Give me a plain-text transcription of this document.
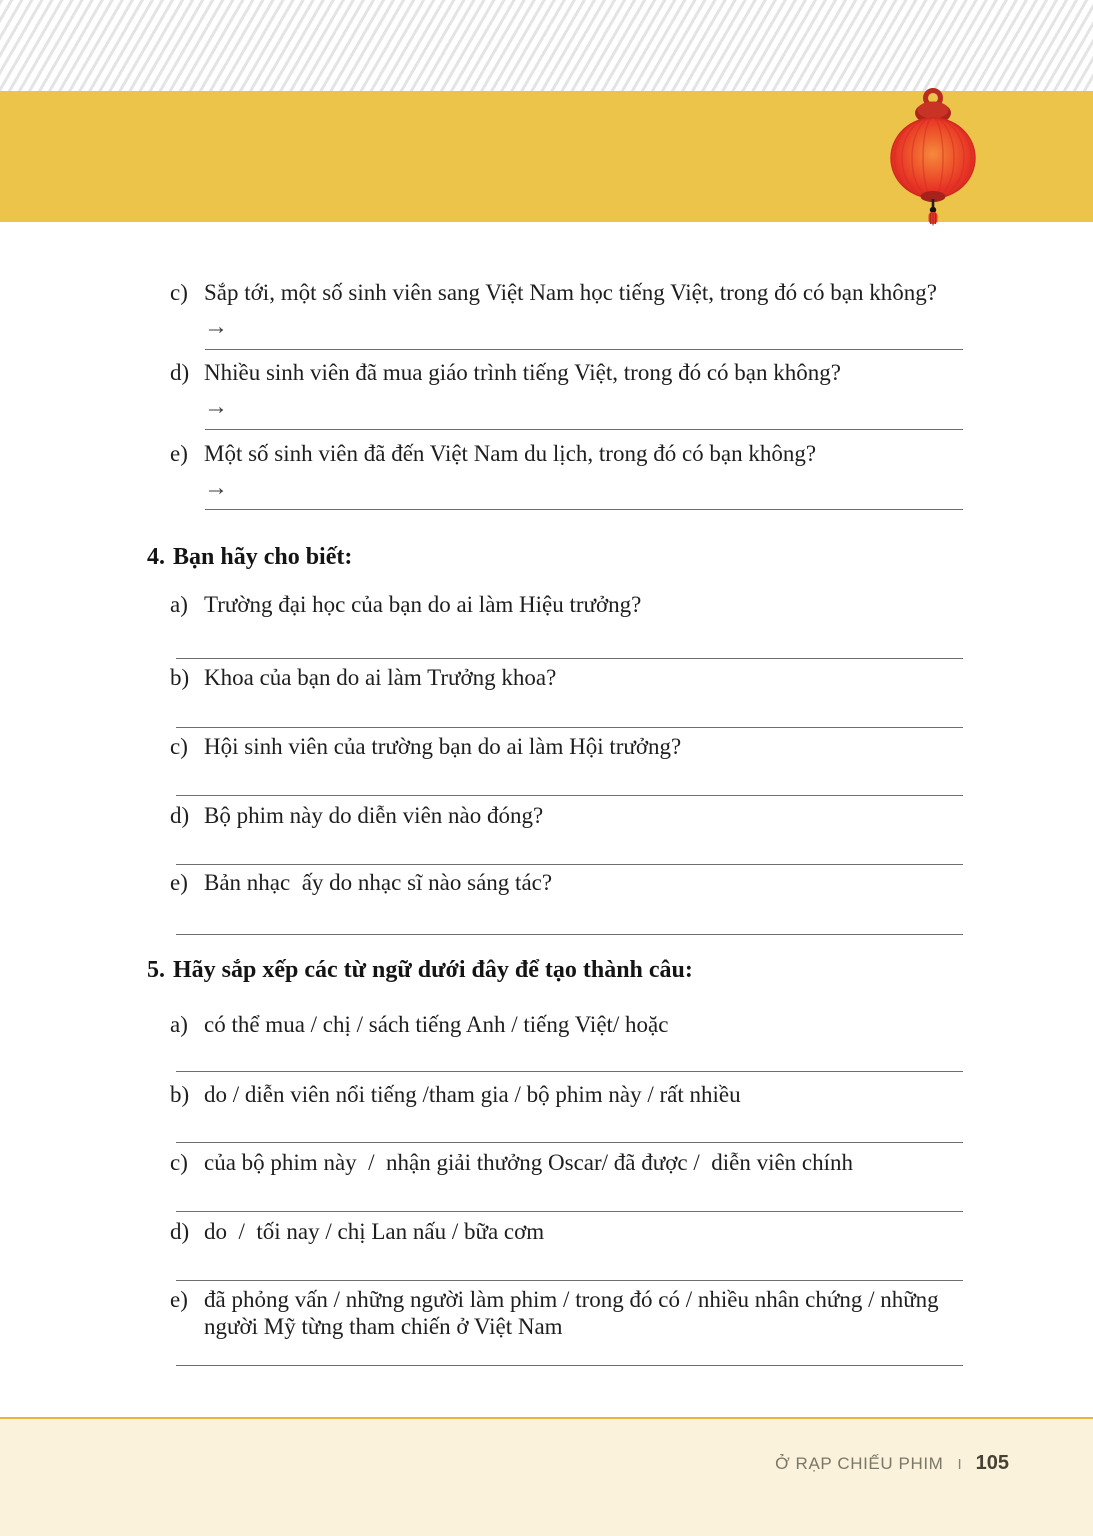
c) Sắp tới, một số sinh viên sang Việt Nam học tiếng Việt, trong đó có bạn không?
→
d) Nhiều sinh viên đã mua giáo trình tiếng Việt, trong đó có bạn không?
→
e) Một số sinh viên đã đến Việt Nam du lịch, trong đó có bạn không?
→
4. Bạn hãy cho biết:
a) Trường đại học của bạn do ai làm Hiệu trưởng?
b) Khoa của bạn do ai làm Trưởng khoa?
c) Hội sinh viên của trường bạn do ai làm Hội trưởng?
d) Bộ phim này do diễn viên nào đóng?
e) Bản nhạc  ấy do nhạc sĩ nào sáng tác?
5. Hãy sắp xếp các từ ngữ dưới đây để tạo thành câu:
a) có thể mua / chị / sách tiếng Anh / tiếng Việt/ hoặc
b) do / diễn viên nổi tiếng /tham gia / bộ phim này / rất nhiều
c) của bộ phim này  /  nhận giải thưởng Oscar/ đã được /  diễn viên chính
d) do  /  tối nay / chị Lan nấu / bữa cơm
e) đã phỏng vấn / những người làm phim / trong đó có / nhiều nhân chứng / những người Mỹ từng tham chiến ở Việt Nam
Ở RẠP CHIẾU PHIM I 105
